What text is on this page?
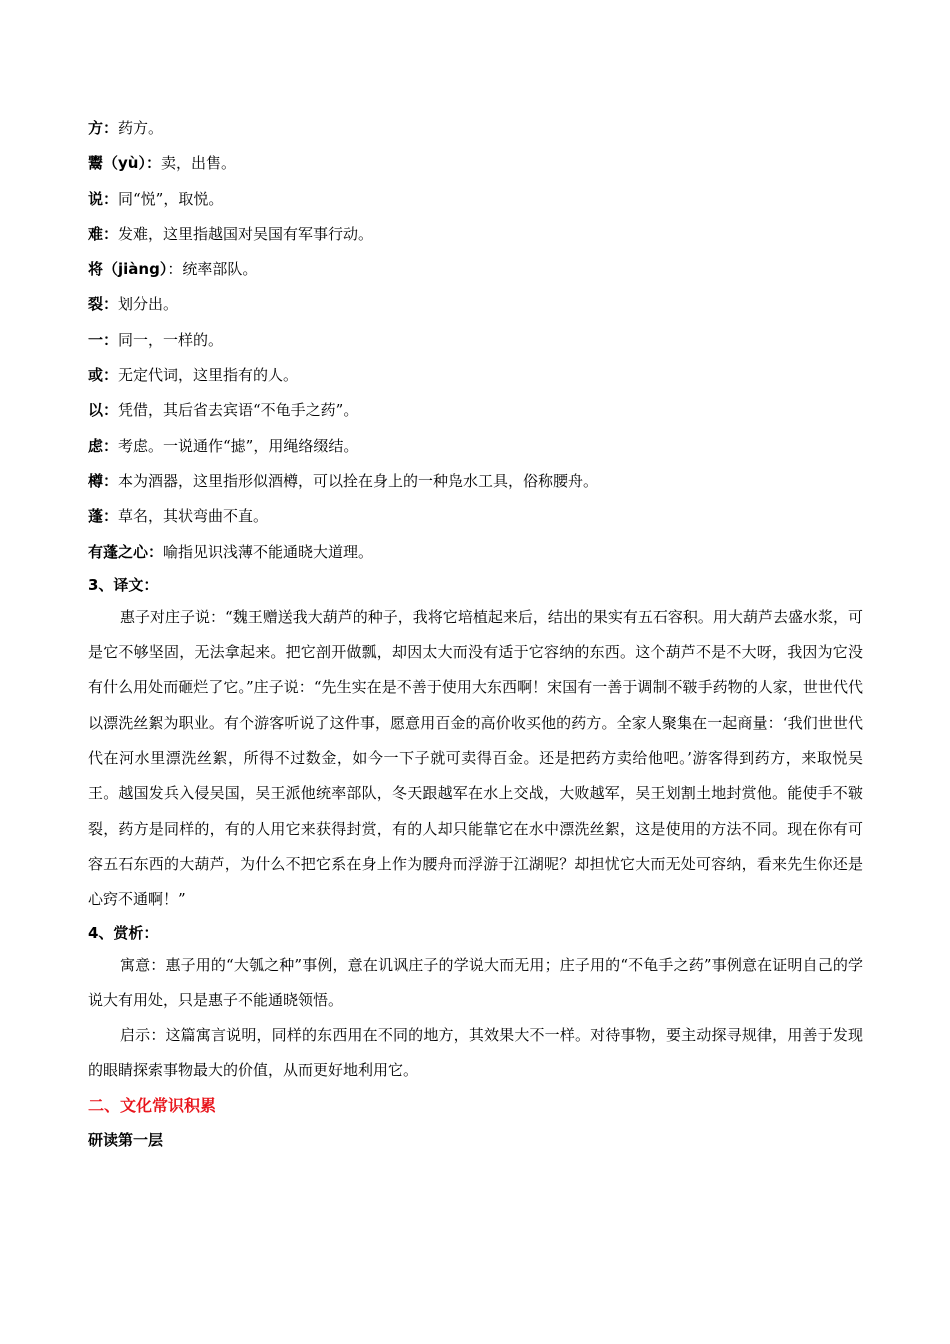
方：药方。
鬻（yù）：卖，出售。
说：同“悦”，取悦。
难：发难，这里指越国对吴国有军事行动。
将（jiàng）：统率部队。
裂：划分出。
一：同一，一样的。
或：无定代词，这里指有的人。
以：凭借，其后省去宾语“不龟手之药”。
虑：考虑。一说通作“摅”，用绳络缀结。
樽：本为酒器，这里指形似酒樽，可以拴在身上的一种凫水工具，俗称腰舟。
蓬：草名，其状弯曲不直。
有蓬之心：喻指见识浅薄不能通晓大道理。
3、译文：

惠子对庄子说：“魏王赠送我大葫芦的种子，我将它培植起来后，结出的果实有五石容积。用大葫芦去盛水浆，可是它不够坚固，无法拿起来。把它剖开做瓢，却因太大而没有适于它容纳的东西。这个葫芦不是不大呀，我因为它没有什么用处而砸烂了它。”庄子说：“先生实在是不善于使用大东西啊！宋国有一善于调制不皲手药物的人家，世世代代以漂洗丝絮为职业。有个游客听说了这件事，愿意用百金的高价收买他的药方。全家人聚集在一起商量：‘我们世世代代在河水里漂洗丝絮，所得不过数金，如今一下子就可卖得百金。还是把药方卖给他吧。’游客得到药方，来取悦吴王。越国发兵入侵吴国，吴王派他统率部队，冬天跟越军在水上交战，大败越军，吴王划割土地封赏他。能使手不皲裂，药方是同样的，有的人用它来获得封赏，有的人却只能靠它在水中漂洗丝絮，这是使用的方法不同。现在你有可容五石东西的大葫芦，为什么不把它系在身上作为腰舟而浮游于江湖呢？却担忧它大而无处可容纳，看来先生你还是心窍不通啊！”

4、赏析：

寓意：惠子用的“大瓠之种”事例，意在讥讽庄子的学说大而无用；庄子用的“不龟手之药”事例意在证明自己的学说大有用处，只是惠子不能通晓领悟。

启示：这篇寓言说明，同样的东西用在不同的地方，其效果大不一样。对待事物，要主动探寻规律，用善于发现的眼睛探索事物最大的价值，从而更好地利用它。

二、文化常识积累
研读第一层
